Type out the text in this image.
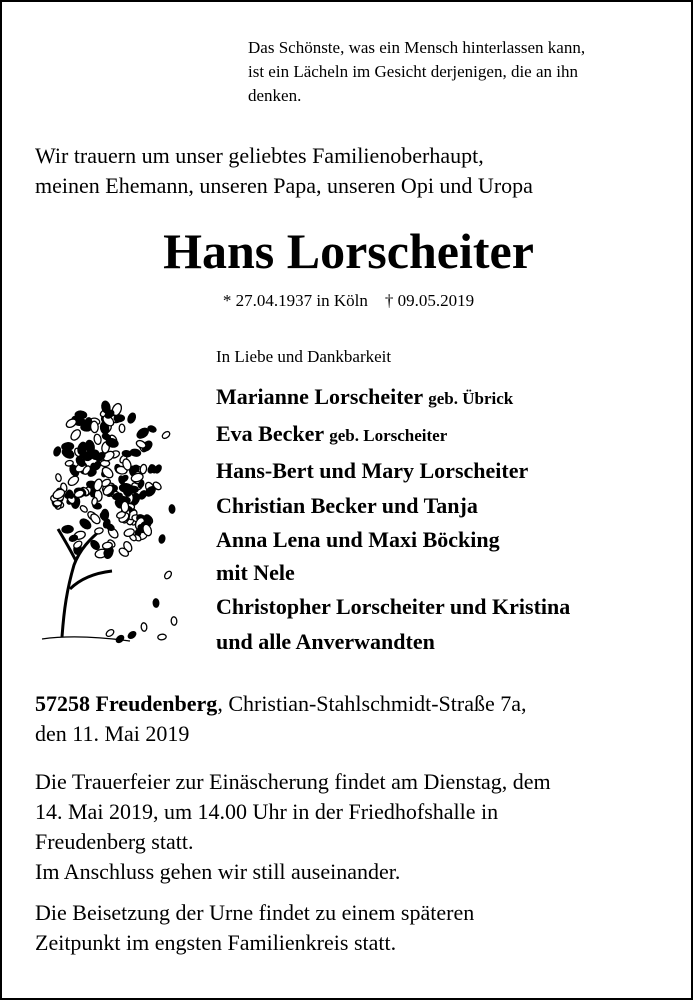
Das Schönste, was ein Mensch hinterlassen kann,
ist ein Lächeln im Gesicht derjenigen, die an ihn
denken.
Wir trauern um unser geliebtes Familienoberhaupt,
meinen Ehemann, unseren Papa, unseren Opi und Uropa
Hans Lorscheiter
* 27.04.1937 in Köln    † 09.05.2019
In Liebe und Dankbarkeit
Marianne Lorscheiter geb. Übrick
Eva Becker geb. Lorscheiter
Hans-Bert und Mary Lorscheiter
Christian Becker und Tanja
Anna Lena und Maxi Böcking
mit Nele
Christopher Lorscheiter und Kristina
und alle Anverwandten
57258 Freudenberg, Christian-Stahlschmidt-Straße 7a,
den 11. Mai 2019
Die Trauerfeier zur Einäscherung findet am Dienstag, dem
14. Mai 2019, um 14.00 Uhr in der Friedhofshalle in
Freudenberg statt.
Im Anschluss gehen wir still auseinander.
Die Beisetzung der Urne findet zu einem späteren
Zeitpunkt im engsten Familienkreis statt.
